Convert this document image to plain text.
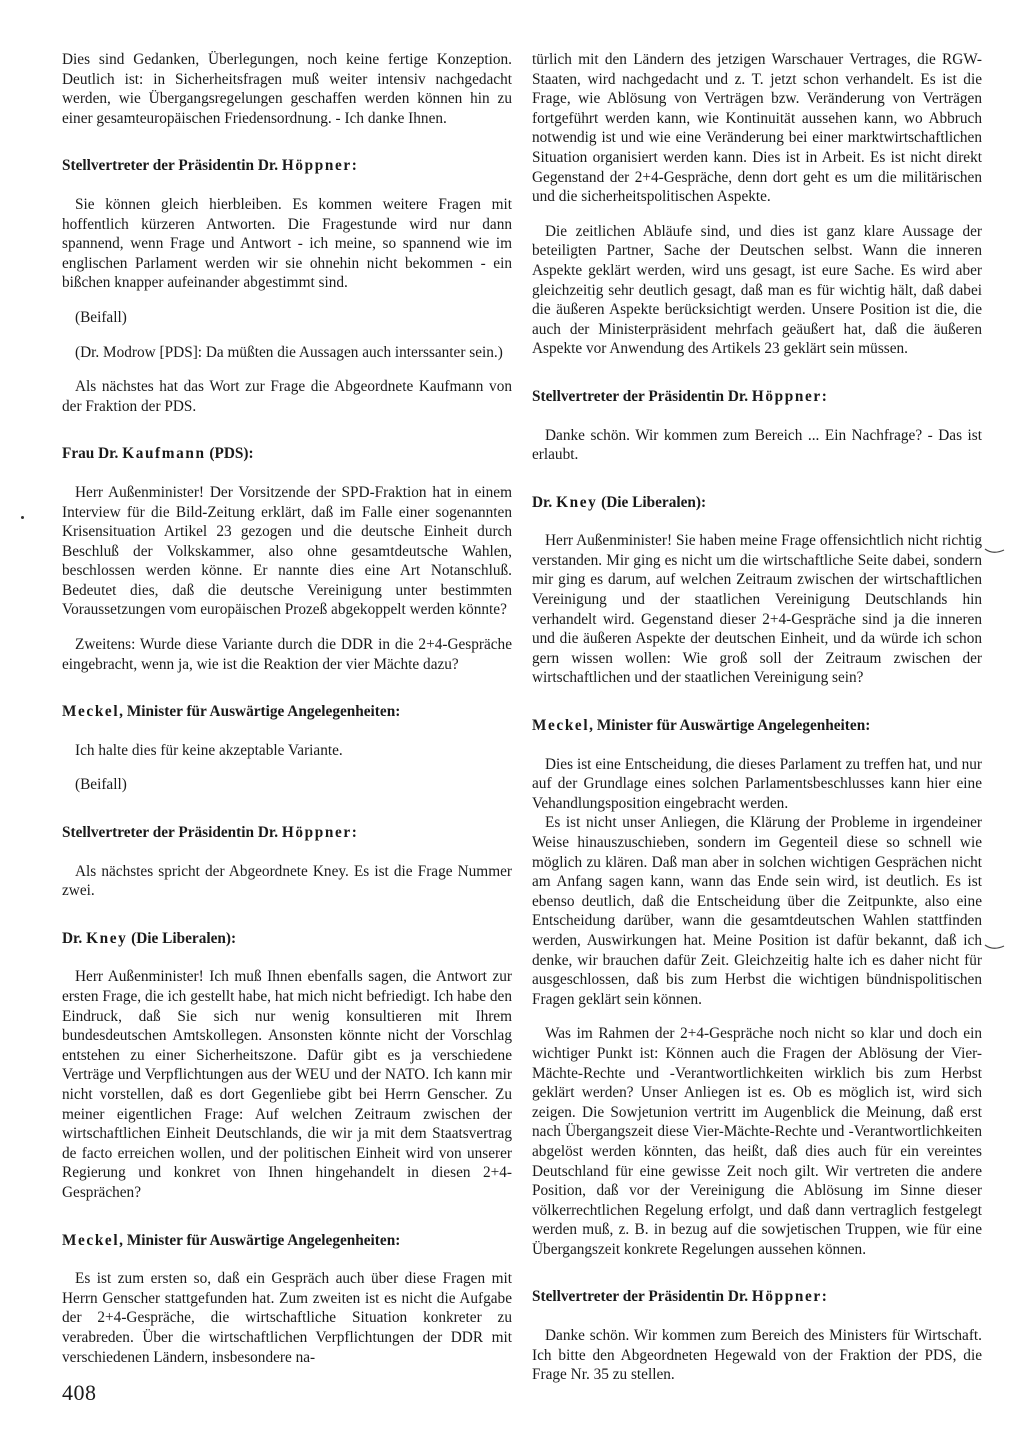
Dies sind Gedanken, Überlegungen, noch keine fertige Konzeption. Deutlich ist: in Sicherheitsfragen muß weiter intensiv nachgedacht werden, wie Übergangsregelungen geschaffen werden können hin zu einer gesamteuropäischen Friedensordnung. - Ich danke Ihnen.

Stellvertreter der Präsidentin Dr. Höppner:

Sie können gleich hierbleiben. Es kommen weitere Fragen mit hoffentlich kürzeren Antworten. Die Fragestunde wird nur dann spannend, wenn Frage und Antwort - ich meine, so spannend wie im englischen Parlament werden wir sie ohnehin nicht bekommen - ein bißchen knapper aufeinander abgestimmt sind.

(Beifall)

(Dr. Modrow [PDS]: Da müßten die Aussagen auch interssanter sein.)

Als nächstes hat das Wort zur Frage die Abgeordnete Kaufmann von der Fraktion der PDS.

Frau Dr. Kaufmann (PDS):

Herr Außenminister! Der Vorsitzende der SPD-Fraktion hat in einem Interview für die Bild-Zeitung erklärt, daß im Falle einer sogenannten Krisensituation Artikel 23 gezogen und die deutsche Einheit durch Beschluß der Volkskammer, also ohne gesamtdeutsche Wahlen, beschlossen werden könne. Er nannte dies eine Art Notanschluß. Bedeutet dies, daß die deutsche Vereinigung unter bestimmten Voraussetzungen vom europäischen Prozeß abgekoppelt werden könnte?

Zweitens: Wurde diese Variante durch die DDR in die 2+4-Gespräche eingebracht, wenn ja, wie ist die Reaktion der vier Mächte dazu?

Meckel, Minister für Auswärtige Angelegenheiten:

Ich halte dies für keine akzeptable Variante.

(Beifall)

Stellvertreter der Präsidentin Dr. Höppner:

Als nächstes spricht der Abgeordnete Kney. Es ist die Frage Nummer zwei.

Dr. Kney (Die Liberalen):

Herr Außenminister! Ich muß Ihnen ebenfalls sagen, die Antwort zur ersten Frage, die ich gestellt habe, hat mich nicht befriedigt. Ich habe den Eindruck, daß Sie sich nur wenig konsultieren mit Ihrem bundesdeutschen Amtskollegen. Ansonsten könnte nicht der Vorschlag entstehen zu einer Sicherheitszone. Dafür gibt es ja verschiedene Verträge und Verpflichtungen aus der WEU und der NATO. Ich kann mir nicht vorstellen, daß es dort Gegenliebe gibt bei Herrn Genscher. Zu meiner eigentlichen Frage: Auf welchen Zeitraum zwischen der wirtschaftlichen Einheit Deutschlands, die wir ja mit dem Staatsvertrag de facto erreichen wollen, und der politischen Einheit wird von unserer Regierung und konkret von Ihnen hingehandelt in diesen 2+4-Gesprächen?

Meckel, Minister für Auswärtige Angelegenheiten:

Es ist zum ersten so, daß ein Gespräch auch über diese Fragen mit Herrn Genscher stattgefunden hat. Zum zweiten ist es nicht die Aufgabe der 2+4-Gespräche, die wirtschaftliche Situation konkreter zu verabreden. Über die wirtschaftlichen Verpflichtungen der DDR mit verschiedenen Ländern, insbesondere na-

türlich mit den Ländern des jetzigen Warschauer Vertrages, die RGW-Staaten, wird nachgedacht und z. T. jetzt schon verhandelt. Es ist die Frage, wie Ablösung von Verträgen bzw. Veränderung von Verträgen fortgeführt werden kann, wie Kontinuität aussehen kann, wo Abbruch notwendig ist und wie eine Veränderung bei einer marktwirtschaftlichen Situation organisiert werden kann. Dies ist in Arbeit. Es ist nicht direkt Gegenstand der 2+4-Gespräche, denn dort geht es um die militärischen und die sicherheitspolitischen Aspekte.

Die zeitlichen Abläufe sind, und dies ist ganz klare Aussage der beteiligten Partner, Sache der Deutschen selbst. Wann die inneren Aspekte geklärt werden, wird uns gesagt, ist eure Sache. Es wird aber gleichzeitig sehr deutlich gesagt, daß man es für wichtig hält, daß dabei die äußeren Aspekte berücksichtigt werden. Unsere Position ist die, die auch der Ministerpräsident mehrfach geäußert hat, daß die äußeren Aspekte vor Anwendung des Artikels 23 geklärt sein müssen.

Stellvertreter der Präsidentin Dr. Höppner:

Danke schön. Wir kommen zum Bereich ... Ein Nachfrage? - Das ist erlaubt.

Dr. Kney (Die Liberalen):

Herr Außenminister! Sie haben meine Frage offensichtlich nicht richtig verstanden. Mir ging es nicht um die wirtschaftliche Seite dabei, sondern mir ging es darum, auf welchen Zeitraum zwischen der wirtschaftlichen Vereinigung und der staatlichen Vereinigung Deutschlands hin verhandelt wird. Gegenstand dieser 2+4-Gespräche sind ja die inneren und die äußeren Aspekte der deutschen Einheit, und da würde ich schon gern wissen wollen: Wie groß soll der Zeitraum zwischen der wirtschaftlichen und der staatlichen Vereinigung sein?

Meckel, Minister für Auswärtige Angelegenheiten:

Dies ist eine Entscheidung, die dieses Parlament zu treffen hat, und nur auf der Grundlage eines solchen Parlamentsbeschlusses kann hier eine Vehandlungsposition eingebracht werden.

Es ist nicht unser Anliegen, die Klärung der Probleme in irgendeiner Weise hinauszuschieben, sondern im Gegenteil diese so schnell wie möglich zu klären. Daß man aber in solchen wichtigen Gesprächen nicht am Anfang sagen kann, wann das Ende sein wird, ist deutlich. Es ist ebenso deutlich, daß die Entscheidung über die Zeitpunkte, also eine Entscheidung darüber, wann die gesamtdeutschen Wahlen stattfinden werden, Auswirkungen hat. Meine Position ist dafür bekannt, daß ich denke, wir brauchen dafür Zeit. Gleichzeitig halte ich es daher nicht für ausgeschlossen, daß bis zum Herbst die wichtigen bündnispolitischen Fragen geklärt sein können.

Was im Rahmen der 2+4-Gespräche noch nicht so klar und doch ein wichtiger Punkt ist: Können auch die Fragen der Ablösung der Vier-Mächte-Rechte und -Verantwortlichkeiten wirklich bis zum Herbst geklärt werden? Unser Anliegen ist es. Ob es möglich ist, wird sich zeigen. Die Sowjetunion vertritt im Augenblick die Meinung, daß erst nach Übergangszeit diese Vier-Mächte-Rechte und -Verantwortlichkeiten abgelöst werden könnten, das heißt, daß dies auch für ein vereintes Deutschland für eine gewisse Zeit noch gilt. Wir vertreten die andere Position, daß vor der Vereinigung die Ablösung im Sinne dieser völkerrechtlichen Regelung erfolgt, und daß dann vertraglich festgelegt werden muß, z. B. in bezug auf die sowjetischen Truppen, wie für eine Übergangszeit konkrete Regelungen aussehen können.

Stellvertreter der Präsidentin Dr. Höppner:

Danke schön. Wir kommen zum Bereich des Ministers für Wirtschaft. Ich bitte den Abgeordneten Hegewald von der Fraktion der PDS, die Frage Nr. 35 zu stellen.

408
